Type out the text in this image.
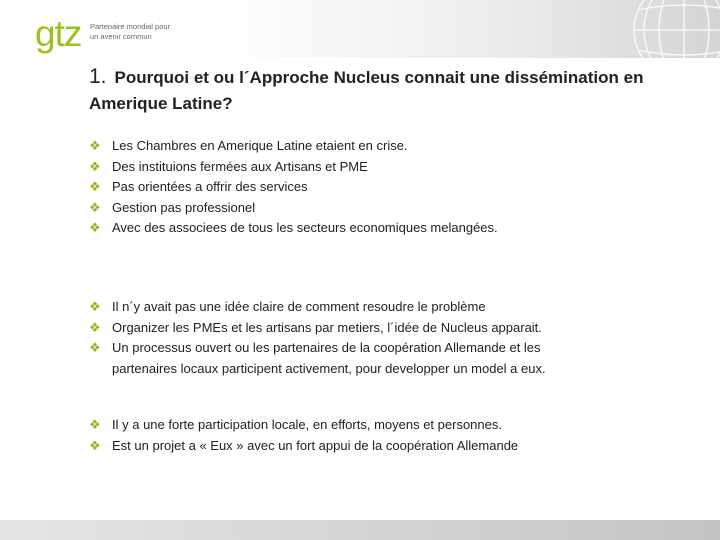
gtz Partenaire mondial pour un avenir commun
1. Pourquoi et ou l´Approche Nucleus connait une dissémination en Amerique Latine?
❖ Les Chambres en Amerique Latine etaient en crise.
❖ Des instituions fermées aux Artisans et PME
❖ Pas orientées a offrir des services
❖ Gestion pas professionel
❖ Avec des associees de tous les secteurs economiques melangées.
❖ Il n´y avait pas une idée claire de comment resoudre le problème
❖ Organizer les PMEs et les artisans par metiers, l´idée de Nucleus apparait.
❖ Un processus ouvert ou les partenaires de la coopération Allemande et les partenaires locaux participent activement, pour developper un model a eux.
❖ Il y a une forte participation locale, en efforts, moyens et personnes.
❖ Est un projet a « Eux » avec un fort appui de la coopération Allemande
